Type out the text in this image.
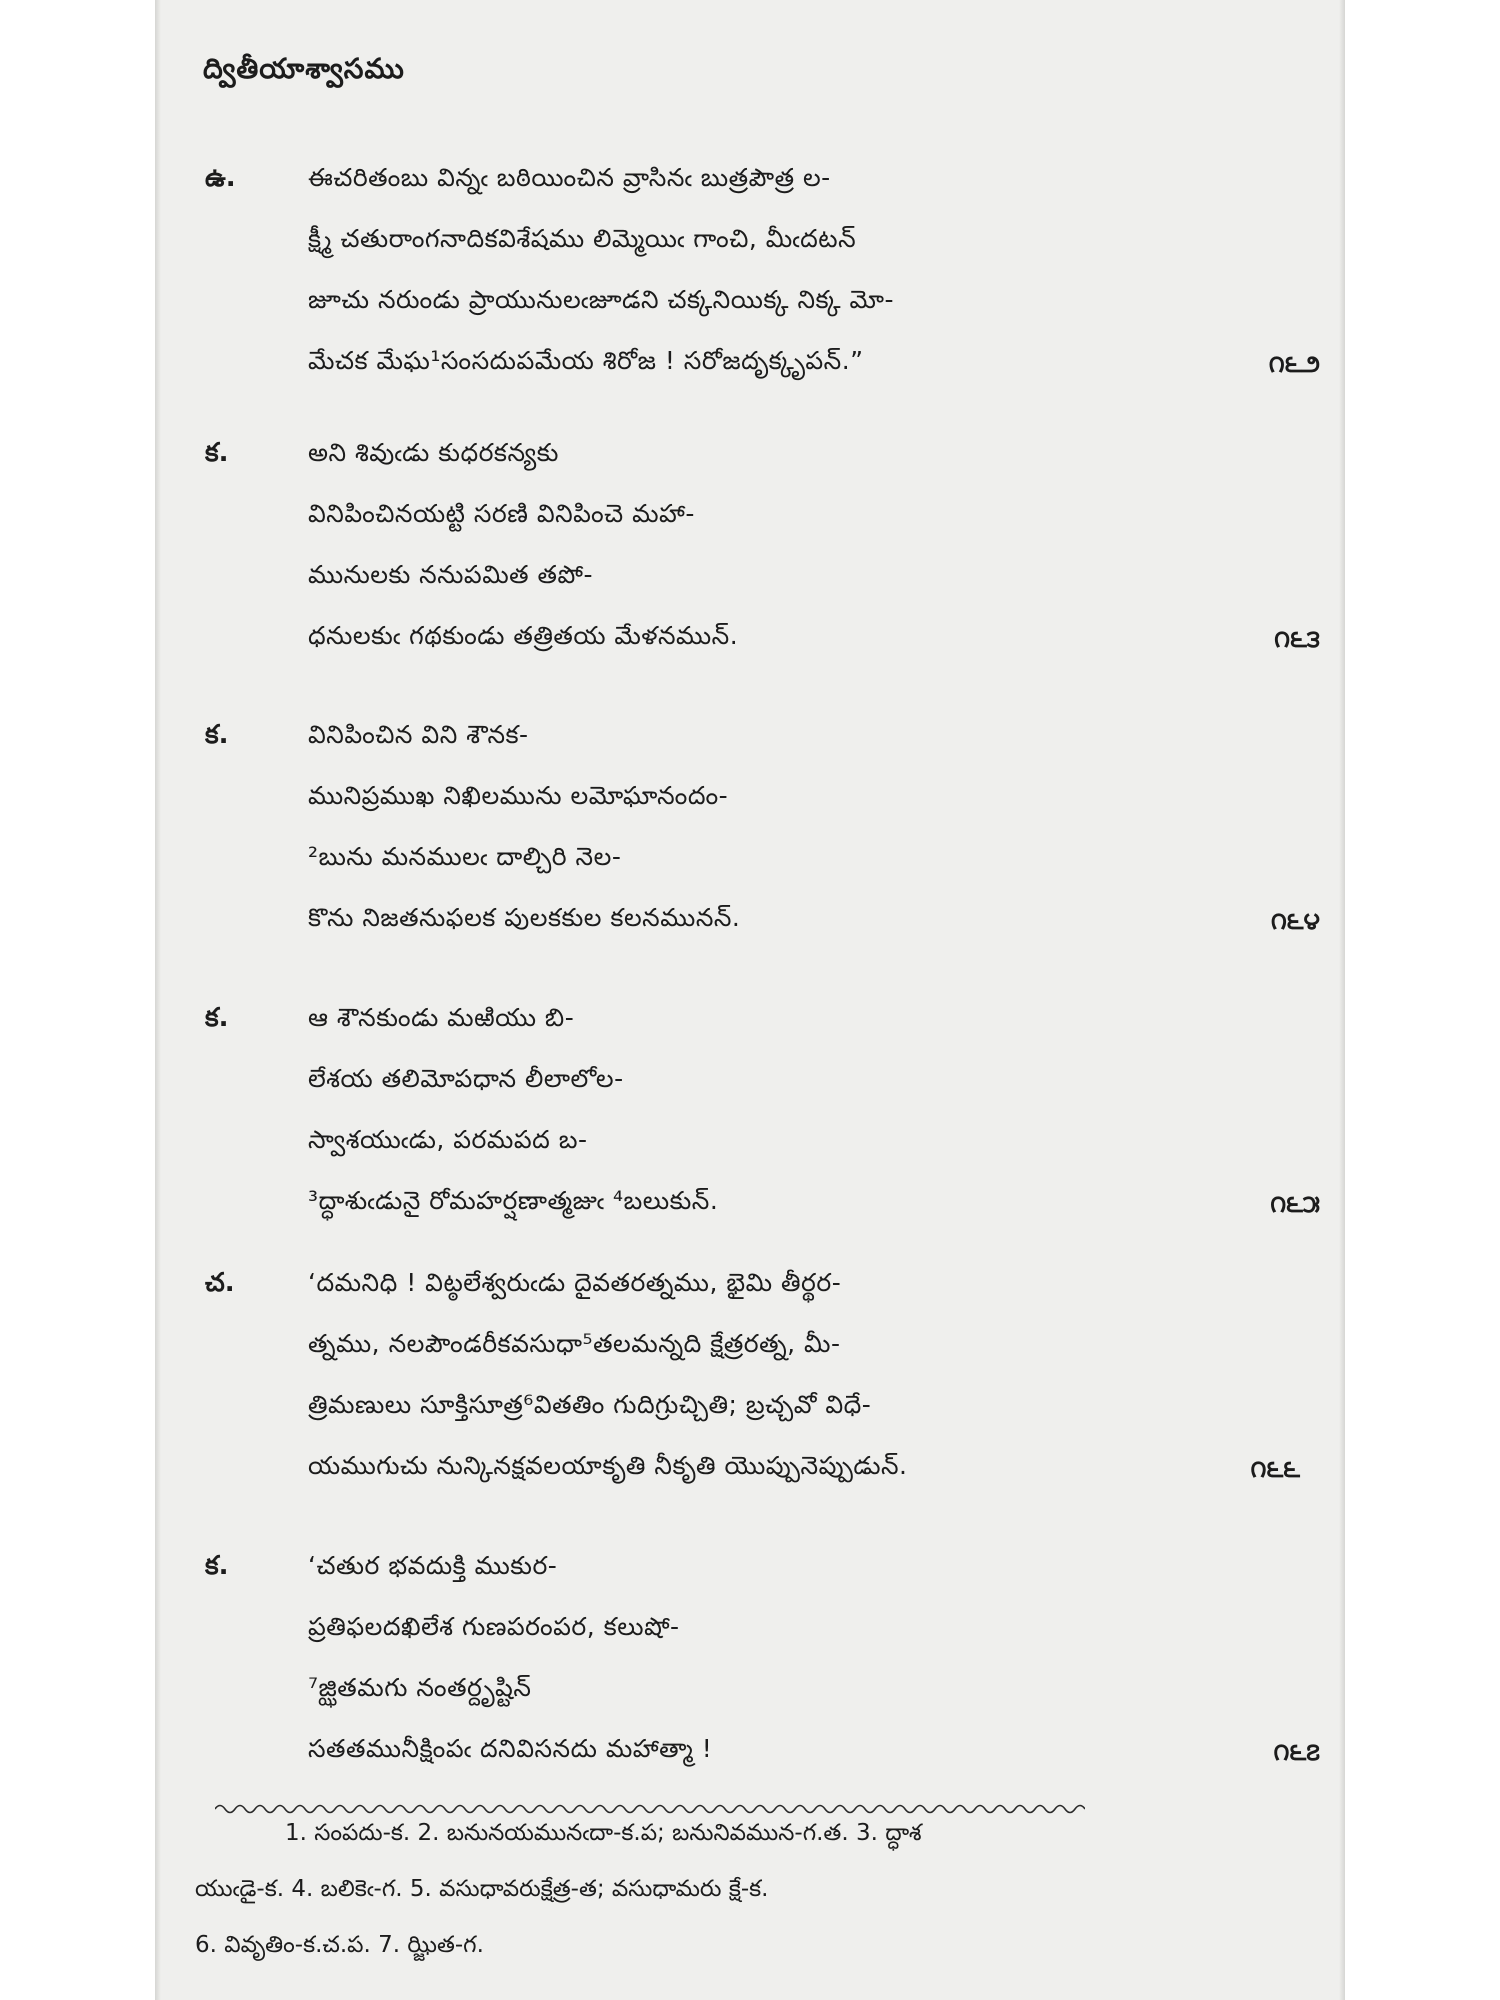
ద్వితీయాశ్వాసము
ఉ.	ఈచరితంబు విన్నఁ బఠియించిన వ్రాసినఁ బుత్రపౌత్ర ల-
క్ష్మీ చతురాంగనాదికవిశేషము లిమ్మెయిఁ గాంచి, మీఁదటన్
జూచు నరుండు ప్రాయునులఁజూడని చక్కనియిక్క నిక్క మో-
మేచక మేఘ¹సంసదుపమేయ శిరోజ ! సరోజదృక్కృపన్.”	౧౬౨
క.	అని శివుఁడు కుధరకన్యకు
వినిపించినయట్టి సరణి వినిపించె మహా-
మునులకు ననుపమిత తపో-
ధనులకుఁ గథకుండు తత్రితయ మేళనమున్.	౧౬౩
క.	వినిపించిన విని శౌనక-
మునిప్రముఖ నిఖిలమును లమోఘానందం-
²బును మనములఁ దాల్చిరి నెల-
కొను నిజతనుఫలక పులకకుల కలనమునన్.	౧౬౪
క.	ఆ శౌనకుండు మఱియు బి-
లేశయ తలిమోపధాన లీలాలోల-
స్వాశయుఁడు, పరమపద బ-
³ద్ధాశుఁడునై రోమహర్షణాత్మజుఁ ⁴బలుకున్.	౧౬౫
చ.	‘దమనిధి ! విట్ఠలేశ్వరుఁడు దైవతరత్నము, భైమి తీర్థర-
త్నము, నలపౌండరీకవసుధా⁵తలమన్నది క్షేత్రరత్న, మీ-
త్రిమణులు సూక్తిసూత్ర⁶వితతిం గుదిగ్రుచ్చితి; బ్రచ్చవో విధే-
యముగుచు నున్కినక్షవలయాకృతి నీకృతి యొప్పునెప్పుడున్.	౧౬౬
క.	‘చతుర భవదుక్తి ముకుర-
ప్రతిఫలదఖిలేశ గుణపరంపర, కలుషో-
⁷జ్ఝితమగు నంతర్దృష్టిన్
సతతమునీక్షింపఁ దనివిసనదు మహాత్మా !	౧౬౭
1. సంపదు-క. 2. బనునయమునఁదా-క.ప; బనునివమున-గ.త. 3. ద్ధాశ
యుఁడై-క. 4. బలికెఁ-గ. 5. వసుధావరుక్షేత్ర-త; వసుధామరు క్షే-క.
6. వివృతిం-క.చ.ప. 7. ఝ్జిత-గ.
